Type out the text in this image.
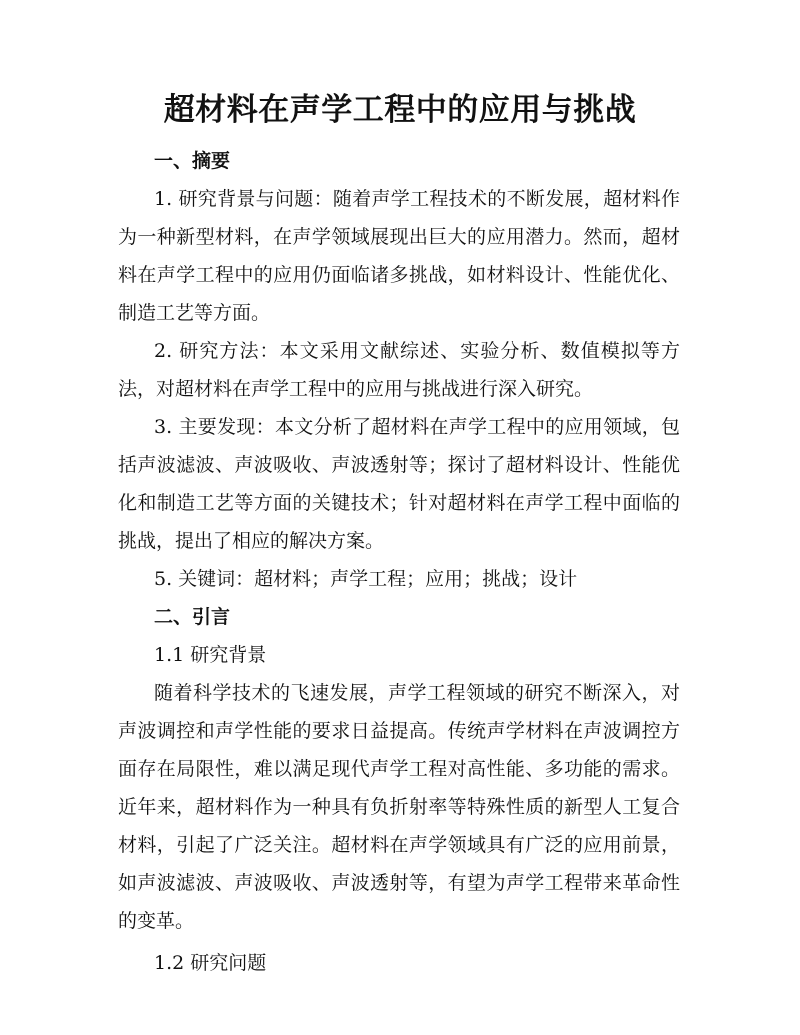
超材料在声学工程中的应用与挑战

一、摘要

1. 研究背景与问题：随着声学工程技术的不断发展，超材料作为一种新型材料，在声学领域展现出巨大的应用潜力。然而，超材料在声学工程中的应用仍面临诸多挑战，如材料设计、性能优化、制造工艺等方面。

2. 研究方法：本文采用文献综述、实验分析、数值模拟等方法，对超材料在声学工程中的应用与挑战进行深入研究。

3. 主要发现：本文分析了超材料在声学工程中的应用领域，包括声波滤波、声波吸收、声波透射等；探讨了超材料设计、性能优化和制造工艺等方面的关键技术；针对超材料在声学工程中面临的挑战，提出了相应的解决方案。

5. 关键词：超材料；声学工程；应用；挑战；设计

二、引言

1.1 研究背景

随着科学技术的飞速发展，声学工程领域的研究不断深入，对声波调控和声学性能的要求日益提高。传统声学材料在声波调控方面存在局限性，难以满足现代声学工程对高性能、多功能的需求。近年来，超材料作为一种具有负折射率等特殊性质的新型人工复合材料，引起了广泛关注。超材料在声学领域具有广泛的应用前景，如声波滤波、声波吸收、声波透射等，有望为声学工程带来革命性的变革。

1.2 研究问题
